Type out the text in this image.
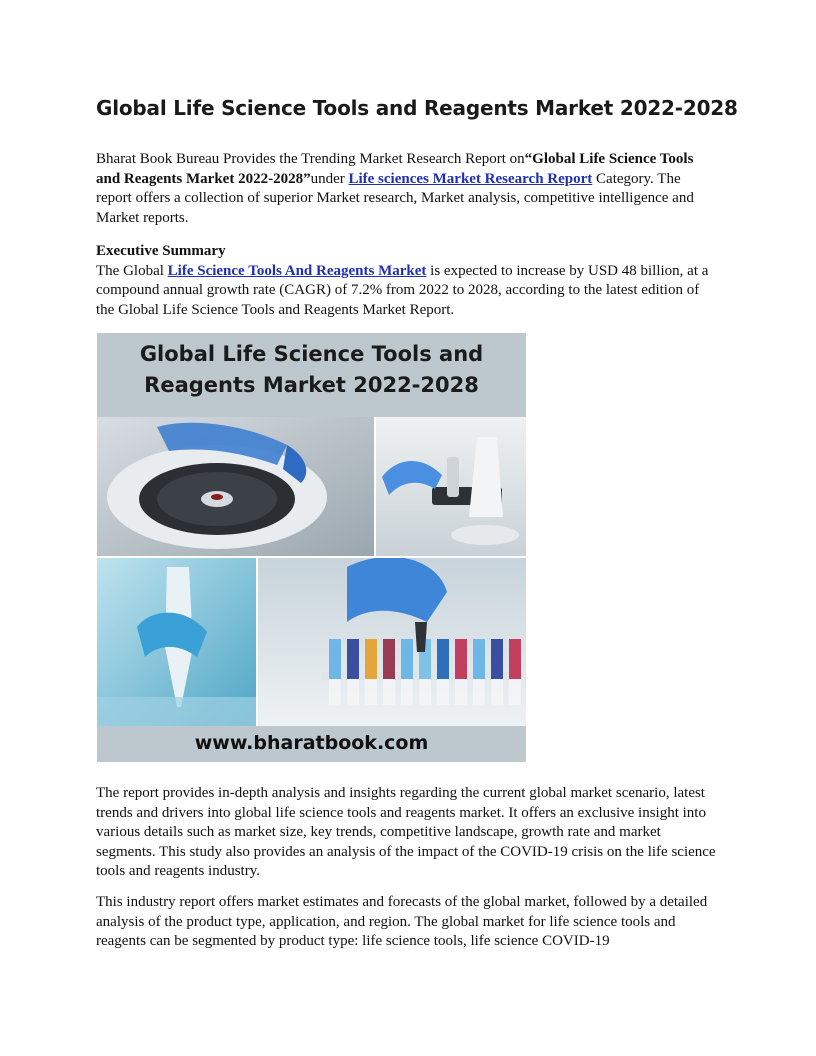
Global Life Science Tools and Reagents Market 2022-2028

Bharat Book Bureau Provides the Trending Market Research Report on“Global Life Science Tools and Reagents Market 2022-2028”under Life sciences Market Research Report Category. The report offers a collection of superior Market research, Market analysis, competitive intelligence and Market reports.

Executive Summary
The Global Life Science Tools And Reagents Market is expected to increase by USD 48 billion, at a compound annual growth rate (CAGR) of 7.2% from 2022 to 2028, according to the latest edition of the Global Life Science Tools and Reagents Market Report.

Global Life Science Tools and
Reagents Market 2022-2028
www.bharatbook.com

The report provides in-depth analysis and insights regarding the current global market scenario, latest trends and drivers into global life science tools and reagents market. It offers an exclusive insight into various details such as market size, key trends, competitive landscape, growth rate and market segments. This study also provides an analysis of the impact of the COVID-19 crisis on the life science tools and reagents industry.

This industry report offers market estimates and forecasts of the global market, followed by a detailed analysis of the product type, application, and region. The global market for life science tools and reagents can be segmented by product type: life science tools, life science COVID-19
